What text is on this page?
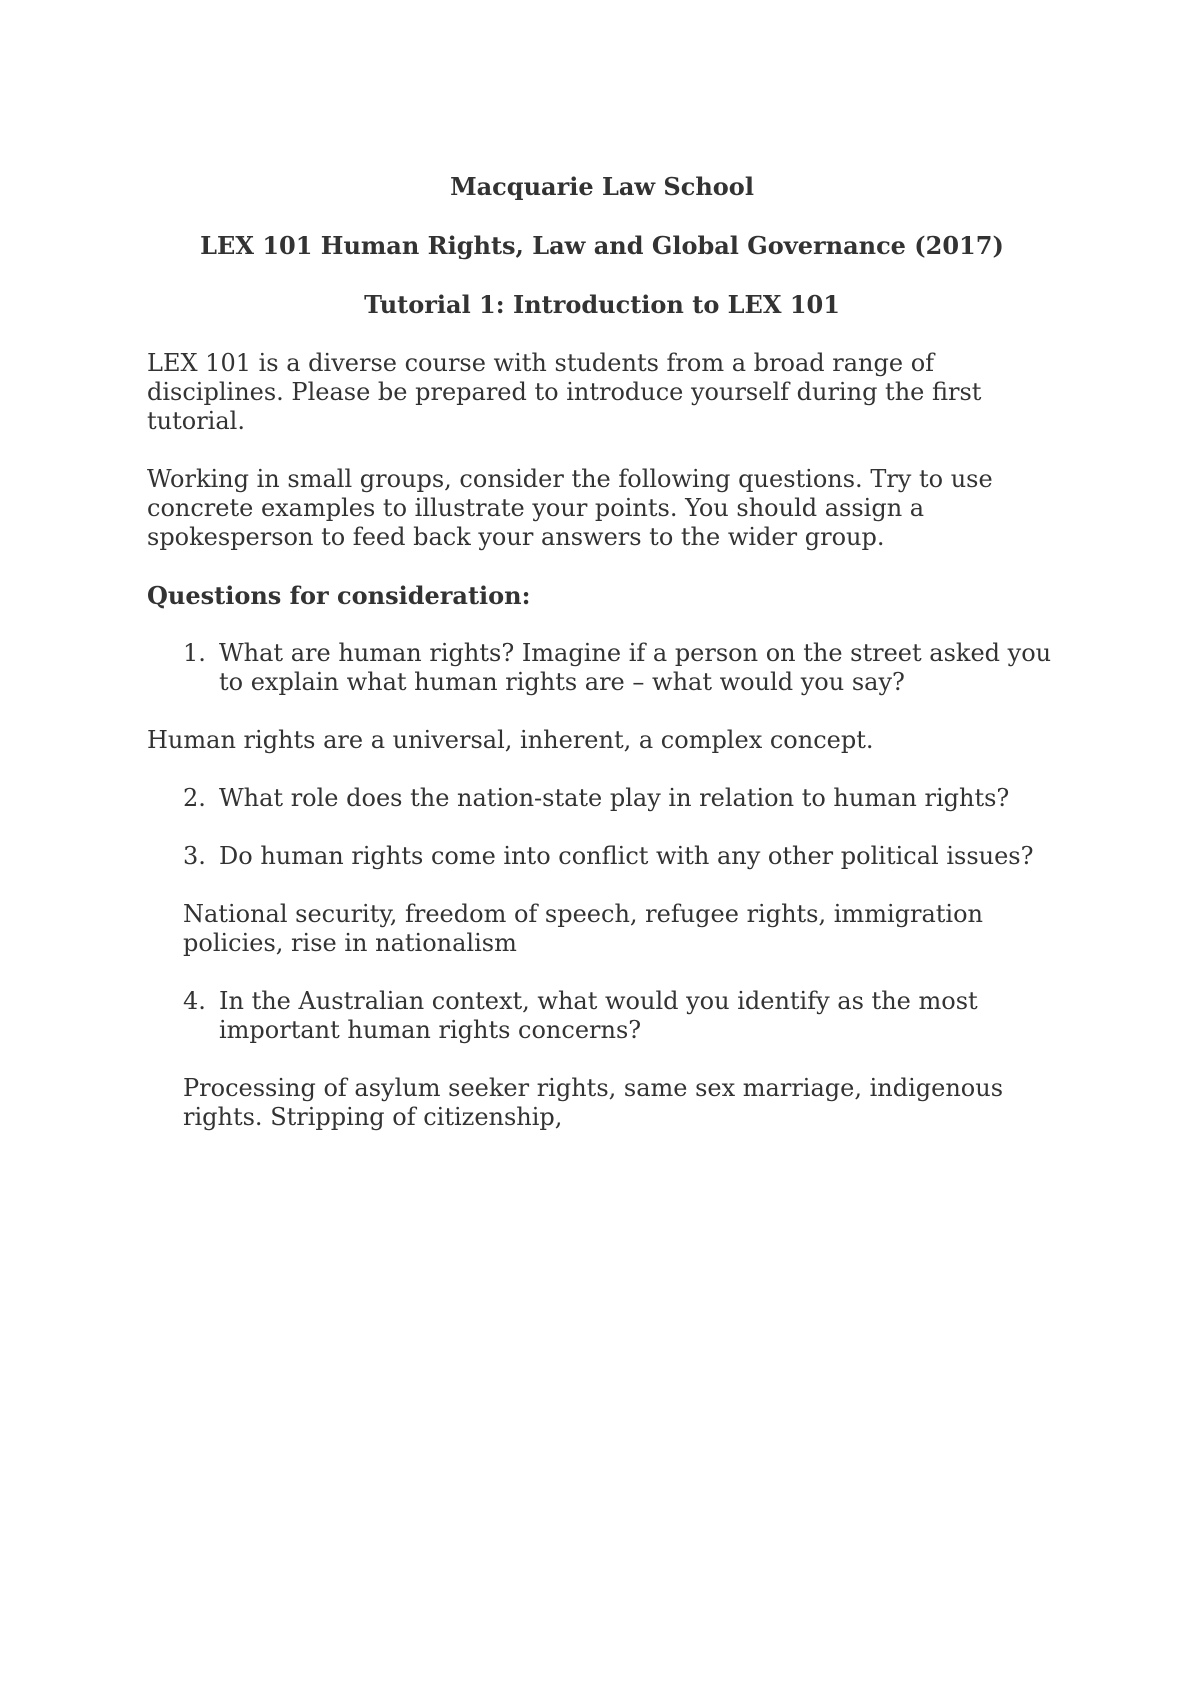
Macquarie Law School
LEX 101 Human Rights, Law and Global Governance (2017)
Tutorial 1: Introduction to LEX 101

LEX 101 is a diverse course with students from a broad range of disciplines. Please be prepared to introduce yourself during the first tutorial.

Working in small groups, consider the following questions. Try to use concrete examples to illustrate your points. You should assign a spokesperson to feed back your answers to the wider group.

Questions for consideration:

1. What are human rights? Imagine if a person on the street asked you to explain what human rights are – what would you say?

Human rights are a universal, inherent, a complex concept.

2. What role does the nation-state play in relation to human rights?
3. Do human rights come into conflict with any other political issues?

National security, freedom of speech, refugee rights, immigration policies, rise in nationalism

4. In the Australian context, what would you identify as the most important human rights concerns?

Processing of asylum seeker rights, same sex marriage, indigenous rights. Stripping of citizenship,
